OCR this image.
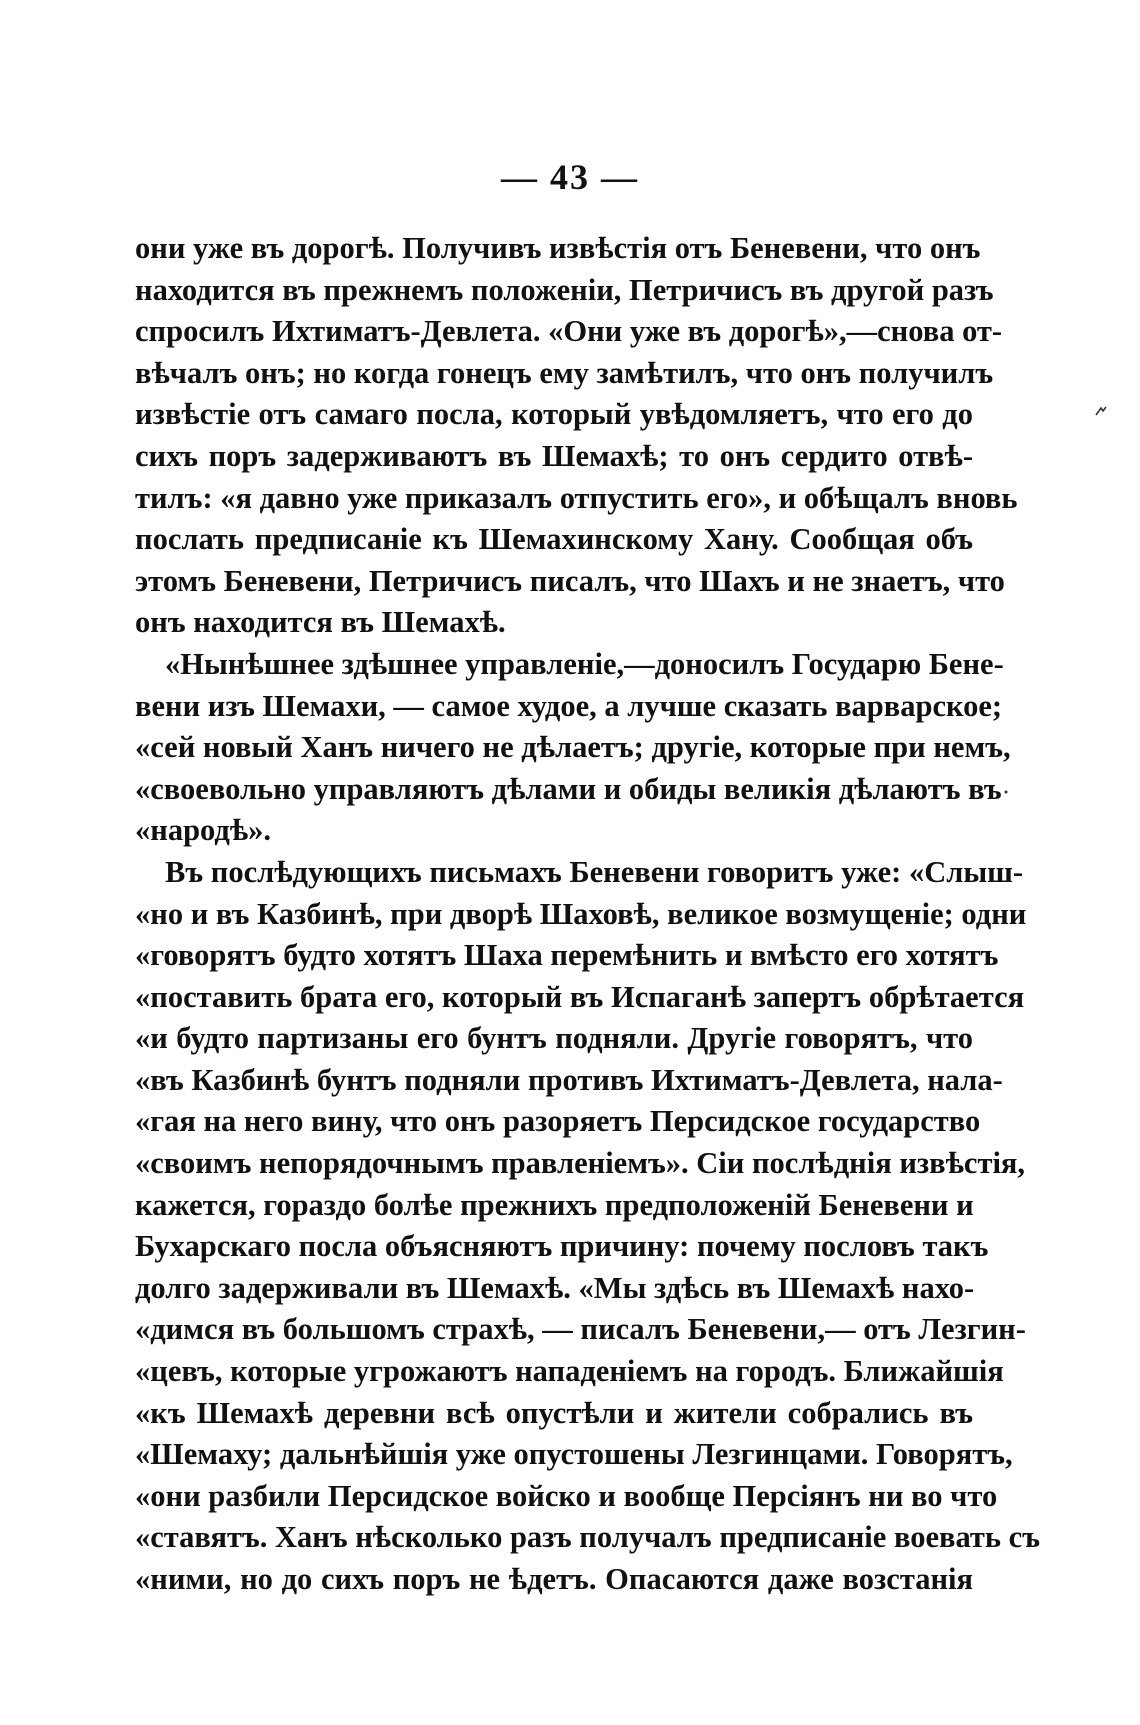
— 43 —
они уже въ дорогѣ. Получивъ извѣстія отъ Беневени, что онъ
находится въ прежнемъ положеніи, Петричисъ въ другой разъ
спросилъ Ихтиматъ-Девлета. «Они уже въ дорогѣ»,—снова от-
вѣчалъ онъ; но когда гонецъ ему замѣтилъ, что онъ получилъ
извѣстіе отъ самаго посла, который увѣдомляетъ, что его до
сихъ поръ задерживаютъ въ Шемахѣ; то онъ сердито отвѣ-
тилъ: «я давно уже приказалъ отпустить его», и обѣщалъ вновь
послать предписаніе къ Шемахинскому Хану. Сообщая объ
этомъ Беневени, Петричисъ писалъ, что Шахъ и не знаетъ, что
онъ находится въ Шемахѣ.
«Нынѣшнее здѣшнее управленіе,—доносилъ Государю Бене-
вени изъ Шемахи, — самое худое, а лучше сказать варварское;
«сей новый Ханъ ничего не дѣлаетъ; другіе, которые при немъ,
«своевольно управляютъ дѣлами и обиды великія дѣлаютъ въ
«народѣ».
Въ послѣдующихъ письмахъ Беневени говоритъ уже: «Слыш-
«но и въ Казбинѣ, при дворѣ Шаховѣ, великое возмущеніе; одни
«говорятъ будто хотятъ Шаха перемѣнить и вмѣсто его хотятъ
«поставить брата его, который въ Испаганѣ запертъ обрѣтается
«и будто партизаны его бунтъ подняли. Другіе говорятъ, что
«въ Казбинѣ бунтъ подняли противъ Ихтиматъ-Девлета, нала-
«гая на него вину, что онъ разоряетъ Персидское государство
«своимъ непорядочнымъ правленіемъ». Сіи послѣднія извѣстія,
кажется, гораздо болѣе прежнихъ предположеній Беневени и
Бухарскаго посла объясняютъ причину: почему пословъ такъ
долго задерживали въ Шемахѣ. «Мы здѣсь въ Шемахѣ нахо-
«димся въ большомъ страхѣ, — писалъ Беневени,— отъ Лезгин-
«цевъ, которые угрожаютъ нападеніемъ на городъ. Ближайшія
«къ Шемахѣ деревни всѣ опустѣли и жители собрались въ
«Шемаху; дальнѣйшія уже опустошены Лезгинцами. Говорятъ,
«они разбили Персидское войско и вообще Персіянъ ни во что
«ставятъ. Ханъ нѣсколько разъ получалъ предписаніе воевать съ
«ними, но до сихъ поръ не ѣдетъ. Опасаются даже возстанія
